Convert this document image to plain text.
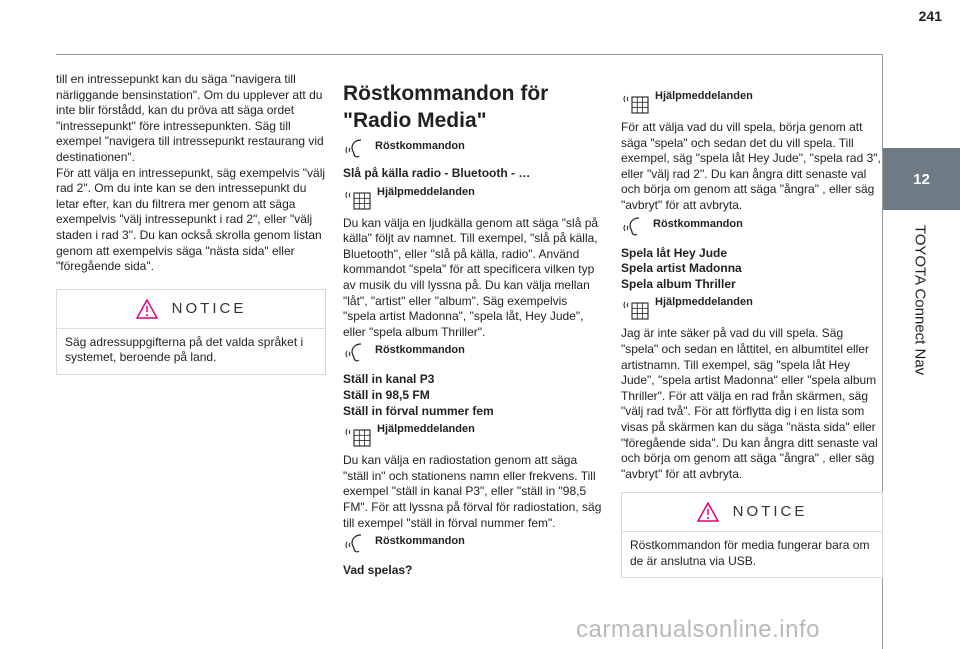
241
12
TOYOTA Connect Nav

till en intressepunkt kan du säga "navigera till närliggande bensinstation". Om du upplever att du inte blir förstådd, kan du pröva att säga ordet "intressepunkt" före intressepunkten. Säg till exempel "navigera till intressepunkt restaurang vid destinationen".

För att välja en intressepunkt, säg exempelvis "välj rad 2". Om du inte kan se den intressepunkt du letar efter, kan du filtrera mer genom att säga exempelvis "välj intressepunkt i rad 2", eller "välj staden i rad 3". Du kan också skrolla genom listan genom att exempelvis säga "nästa sida" eller "föregående sida".

NOTICE
Säg adressuppgifterna på det valda språket i systemet, beroende på land.
Röstkommandon för "Radio Media"
Röstkommandon

Slå på källa radio - Bluetooth - …

Hjälpmeddelanden

Du kan välja en ljudkälla genom att säga "slå på källa" följt av namnet. Till exempel, "slå på källa, Bluetooth", eller "slå på källa, radio". Använd kommandot "spela" för att specificera vilken typ av musik du vill lyssna på. Du kan välja mellan "låt", "artist" eller "album". Säg exempelvis "spela artist Madonna", "spela låt, Hey Jude", eller "spela album Thriller".

Röstkommandon

Ställ in kanal P3

Ställ in 98,5 FM

Ställ in förval nummer fem

Hjälpmeddelanden

Du kan välja en radiostation genom att säga "ställ in" och stationens namn eller frekvens. Till exempel "ställ in kanal P3", eller "ställ in "98,5 FM". För att lyssna på förval för radiostation, säg till exempel "ställ in förval nummer fem".

Röstkommandon

Vad spelas?

Hjälpmeddelanden

För att välja vad du vill spela, börja genom att säga "spela" och sedan det du vill spela. Till exempel, säg "spela låt Hey Jude", "spela rad 3", eller "välj rad 2". Du kan ångra ditt senaste val och börja om genom att säga "ångra" , eller säg "avbryt" för att avbryta.

Röstkommandon

Spela låt Hey Jude

Spela artist Madonna

Spela album Thriller

Hjälpmeddelanden

Jag är inte säker på vad du vill spela. Säg "spela" och sedan en låttitel, en albumtitel eller artistnamn. Till exempel, säg "spela låt Hey Jude", "spela artist Madonna" eller "spela album Thriller". För att välja en rad från skärmen, säg "välj rad två". För att förflytta dig i en lista som visas på skärmen kan du säga "nästa sida" eller "föregående sida". Du kan ångra ditt senaste val och börja om genom att säga "ångra" , eller säg "avbryt" för att avbryta.

NOTICE
Röstkommandon för media fungerar bara om de är anslutna via USB.
carmanualsonline.info
